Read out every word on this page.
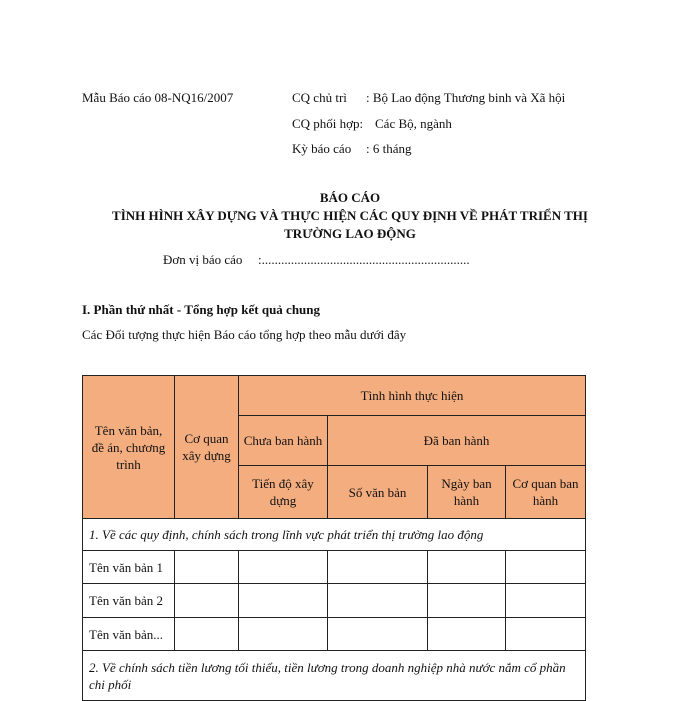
Mẫu Báo cáo 08-NQ16/2007	CQ chủ trì : Bộ Lao động Thương binh và Xã hội
CQ phối hợp: Các Bộ, ngành
Kỳ báo cáo : 6 tháng
BÁO CÁO
TÌNH HÌNH XÂY DỰNG VÀ THỰC HIỆN CÁC QUY ĐỊNH VỀ PHÁT TRIỂN THỊ
TRƯỜNG LAO ĐỘNG
Đơn vị báo cáo :................................................................
I. Phần thứ nhất - Tổng hợp kết quả chung
Các Đối tượng thực hiện Báo cáo tổng hợp theo mẫu dưới đây
Tên văn bản, đề án, chương trình	Cơ quan xây dựng	Tình hình thực hiện			
		Chưa ban hành	Đã ban hành		
		Tiến độ xây dựng	Số văn bản	Ngày ban hành	Cơ quan ban hành
1. Về các quy định, chính sách trong lĩnh vực phát triển thị trường lao động					
Tên văn bản 1					
Tên văn bản 2					
Tên văn bản...					
2. Về chính sách tiền lương tối thiểu, tiền lương trong doanh nghiệp nhà nước nắm cổ phần chi phối					
